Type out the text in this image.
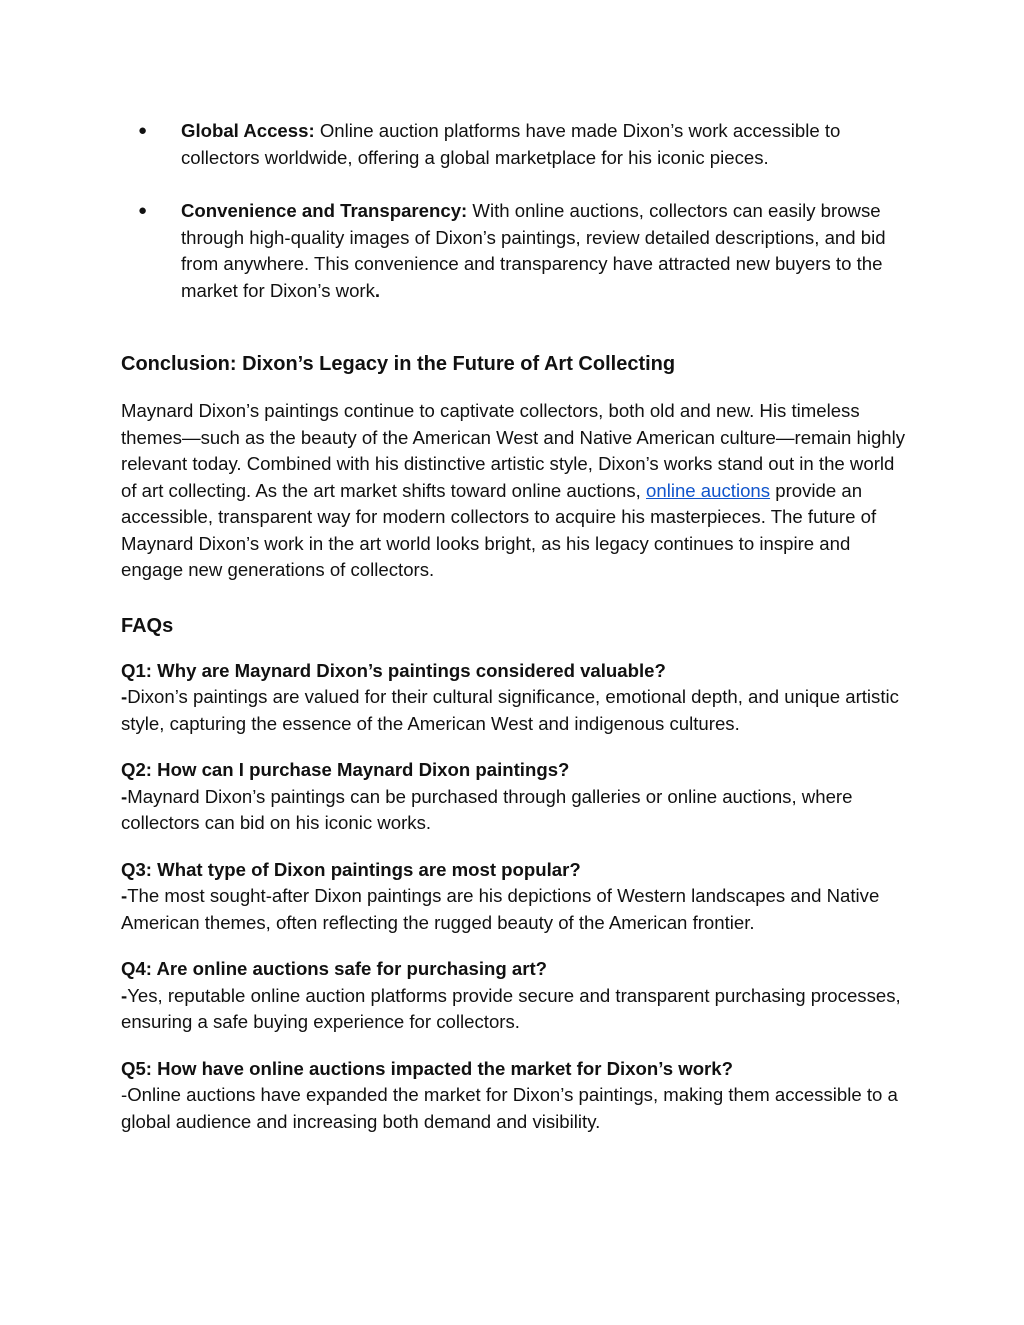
● Global Access: Online auction platforms have made Dixon’s work accessible to collectors worldwide, offering a global marketplace for his iconic pieces.
● Convenience and Transparency: With online auctions, collectors can easily browse through high-quality images of Dixon’s paintings, review detailed descriptions, and bid from anywhere. This convenience and transparency have attracted new buyers to the market for Dixon’s work.
Conclusion: Dixon’s Legacy in the Future of Art Collecting

Maynard Dixon’s paintings continue to captivate collectors, both old and new. His timeless themes—such as the beauty of the American West and Native American culture—remain highly relevant today. Combined with his distinctive artistic style, Dixon’s works stand out in the world of art collecting. As the art market shifts toward online auctions, online auctions provide an accessible, transparent way for modern collectors to acquire his masterpieces. The future of Maynard Dixon’s work in the art world looks bright, as his legacy continues to inspire and engage new generations of collectors.

FAQs
Q1: Why are Maynard Dixon’s paintings considered valuable?
-Dixon’s paintings are valued for their cultural significance, emotional depth, and unique artistic style, capturing the essence of the American West and indigenous cultures.
Q2: How can I purchase Maynard Dixon paintings?
-Maynard Dixon’s paintings can be purchased through galleries or online auctions, where collectors can bid on his iconic works.
Q3: What type of Dixon paintings are most popular?
-The most sought-after Dixon paintings are his depictions of Western landscapes and Native American themes, often reflecting the rugged beauty of the American frontier.
Q4: Are online auctions safe for purchasing art?
-Yes, reputable online auction platforms provide secure and transparent purchasing processes, ensuring a safe buying experience for collectors.
Q5: How have online auctions impacted the market for Dixon’s work?
-Online auctions have expanded the market for Dixon’s paintings, making them accessible to a global audience and increasing both demand and visibility.
